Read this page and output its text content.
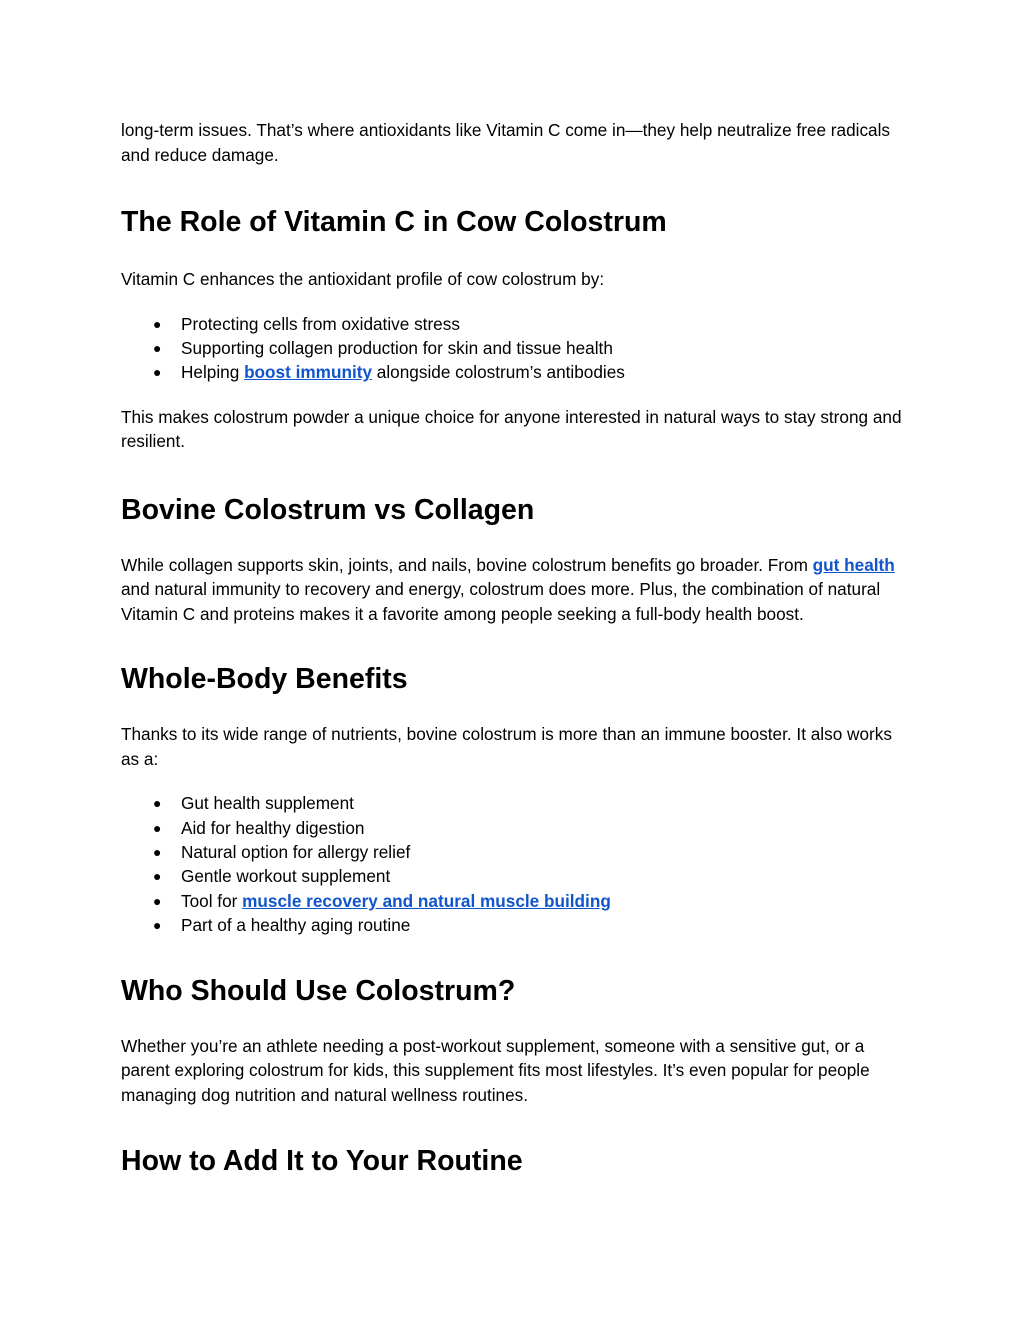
long-term issues. That’s where antioxidants like Vitamin C come in—they help neutralize free radicals and reduce damage.

The Role of Vitamin C in Cow Colostrum

Vitamin C enhances the antioxidant profile of cow colostrum by:

● Protecting cells from oxidative stress
● Supporting collagen production for skin and tissue health
● Helping boost immunity alongside colostrum’s antibodies

This makes colostrum powder a unique choice for anyone interested in natural ways to stay strong and resilient.

Bovine Colostrum vs Collagen

While collagen supports skin, joints, and nails, bovine colostrum benefits go broader. From gut health and natural immunity to recovery and energy, colostrum does more. Plus, the combination of natural Vitamin C and proteins makes it a favorite among people seeking a full-body health boost.

Whole-Body Benefits

Thanks to its wide range of nutrients, bovine colostrum is more than an immune booster. It also works as a:

● Gut health supplement
● Aid for healthy digestion
● Natural option for allergy relief
● Gentle workout supplement
● Tool for muscle recovery and natural muscle building
● Part of a healthy aging routine
Who Should Use Colostrum?

Whether you’re an athlete needing a post-workout supplement, someone with a sensitive gut, or a parent exploring colostrum for kids, this supplement fits most lifestyles. It’s even popular for people managing dog nutrition and natural wellness routines.

How to Add It to Your Routine
